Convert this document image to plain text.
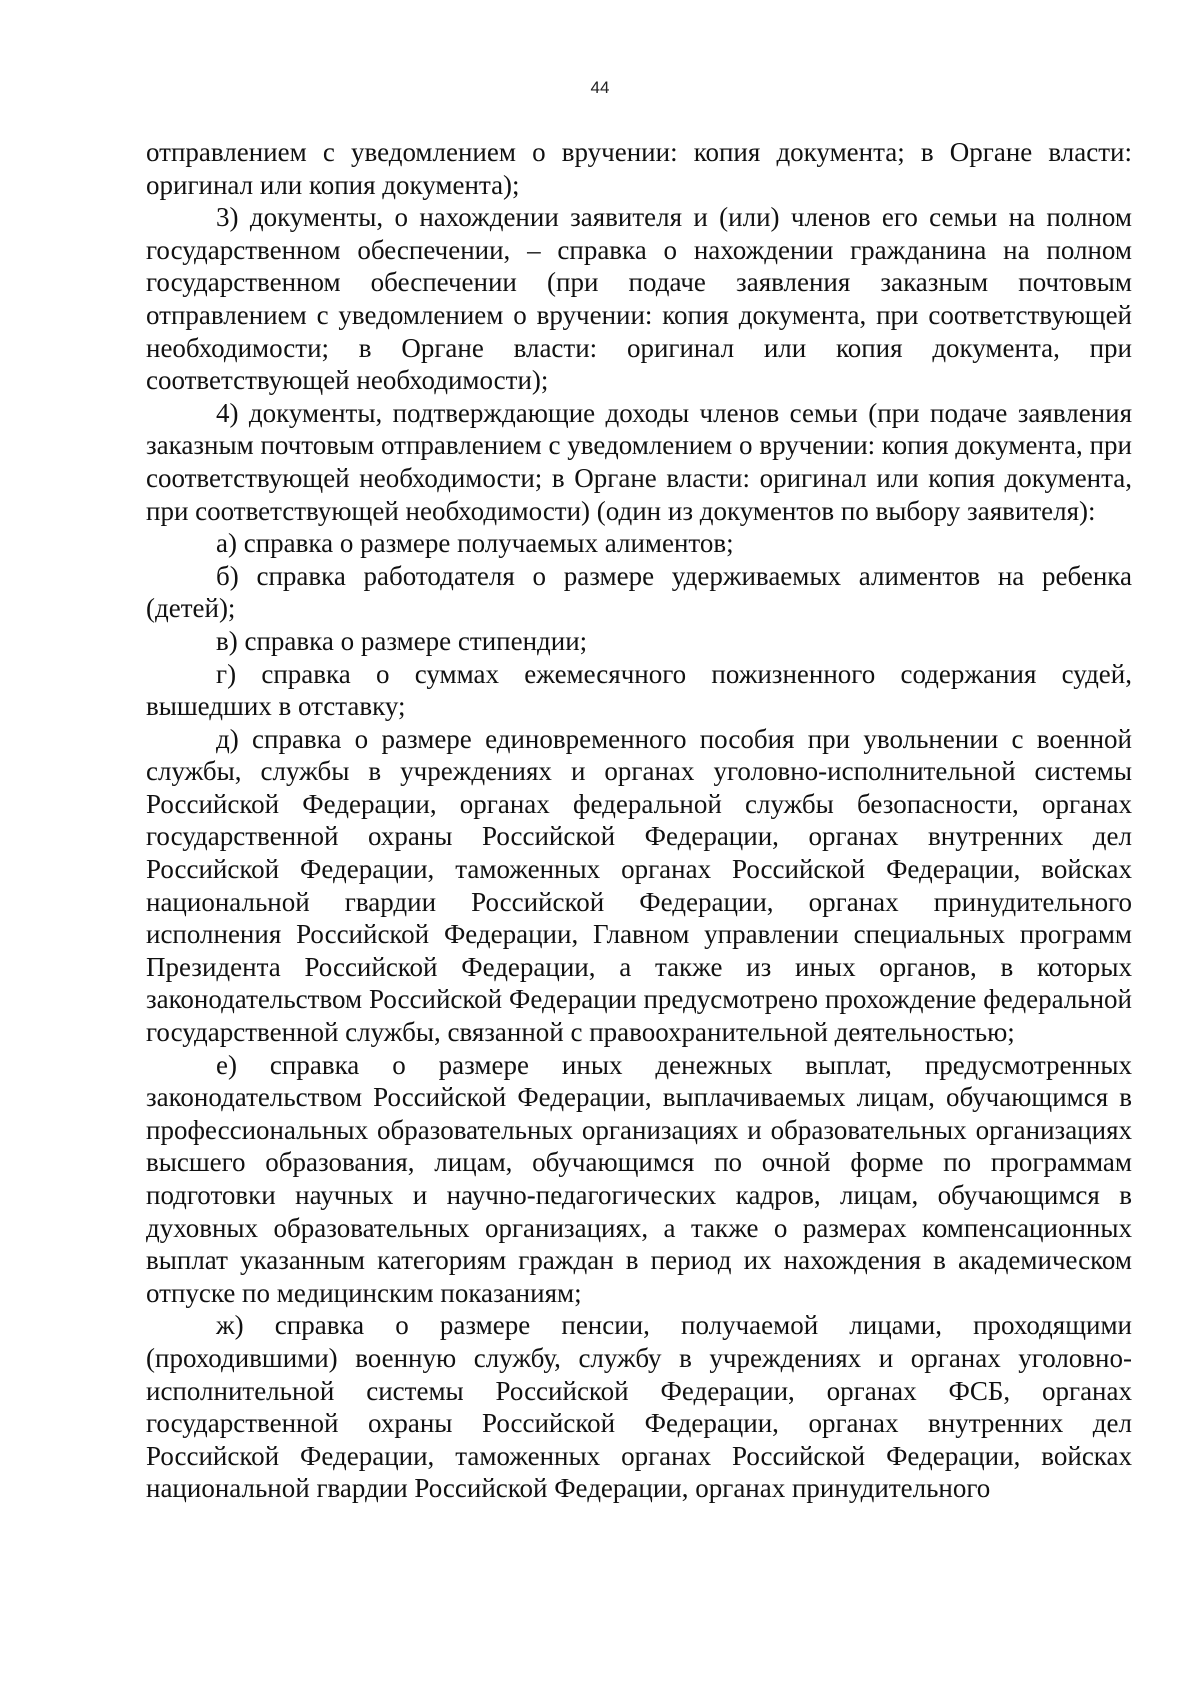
44

отправлением с уведомлением о вручении: копия документа; в Органе власти: оригинал или копия документа);

3) документы, о нахождении заявителя и (или) членов его семьи на полном государственном обеспечении, – справка о нахождении гражданина на полном государственном обеспечении (при подаче заявления заказным почтовым отправлением с уведомлением о вручении: копия документа, при соответствующей необходимости; в Органе власти: оригинал или копия документа, при соответствующей необходимости);

4) документы, подтверждающие доходы членов семьи (при подаче заявления заказным почтовым отправлением с уведомлением о вручении: копия документа, при соответствующей необходимости; в Органе власти: оригинал или копия документа, при соответствующей необходимости) (один из документов по выбору заявителя):

а) справка о размере получаемых алиментов;

б) справка работодателя о размере удерживаемых алиментов на ребенка (детей);

в) справка о размере стипендии;

г) справка о суммах ежемесячного пожизненного содержания судей, вышедших в отставку;

д) справка о размере единовременного пособия при увольнении с военной службы, службы в учреждениях и органах уголовно-исполнительной системы Российской Федерации, органах федеральной службы безопасности, органах государственной охраны Российской Федерации, органах внутренних дел Российской Федерации, таможенных органах Российской Федерации, войсках национальной гвардии Российской Федерации, органах принудительного исполнения Российской Федерации, Главном управлении специальных программ Президента Российской Федерации, а также из иных органов, в которых законодательством Российской Федерации предусмотрено прохождение федеральной государственной службы, связанной с правоохранительной деятельностью;

е) справка о размере иных денежных выплат, предусмотренных законодательством Российской Федерации, выплачиваемых лицам, обучающимся в профессиональных образовательных организациях и образовательных организациях высшего образования, лицам, обучающимся по очной форме по программам подготовки научных и научно-педагогических кадров, лицам, обучающимся в духовных образовательных организациях, а также о размерах компенсационных выплат указанным категориям граждан в период их нахождения в академическом отпуске по медицинским показаниям;

ж) справка о размере пенсии, получаемой лицами, проходящими (проходившими) военную службу, службу в учреждениях и органах уголовно-исполнительной системы Российской Федерации, органах ФСБ, органах государственной охраны Российской Федерации, органах внутренних дел Российской Федерации, таможенных органах Российской Федерации, войсках национальной гвардии Российской Федерации, органах принудительного
